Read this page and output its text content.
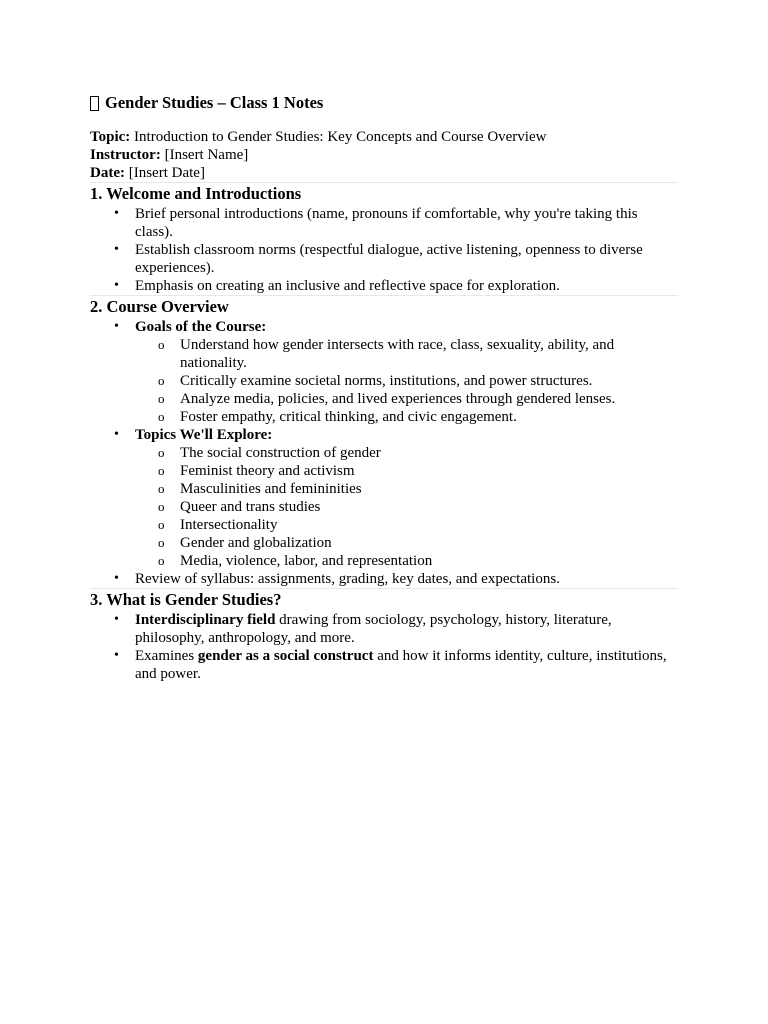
Gender Studies – Class 1 Notes
Topic: Introduction to Gender Studies: Key Concepts and Course Overview
Instructor: [Insert Name]
Date: [Insert Date]
1. Welcome and Introductions
• Brief personal introductions (name, pronouns if comfortable, why you're taking this class).
• Establish classroom norms (respectful dialogue, active listening, openness to diverse experiences).
• Emphasis on creating an inclusive and reflective space for exploration.
2. Course Overview
• Goals of the Course:
o Understand how gender intersects with race, class, sexuality, ability, and nationality.
o Critically examine societal norms, institutions, and power structures.
o Analyze media, policies, and lived experiences through gendered lenses.
o Foster empathy, critical thinking, and civic engagement.
• Topics We'll Explore:
o The social construction of gender
o Feminist theory and activism
o Masculinities and femininities
o Queer and trans studies
o Intersectionality
o Gender and globalization
o Media, violence, labor, and representation
• Review of syllabus: assignments, grading, key dates, and expectations.
3. What is Gender Studies?
• Interdisciplinary field drawing from sociology, psychology, history, literature, philosophy, anthropology, and more.
• Examines gender as a social construct and how it informs identity, culture, institutions, and power.
